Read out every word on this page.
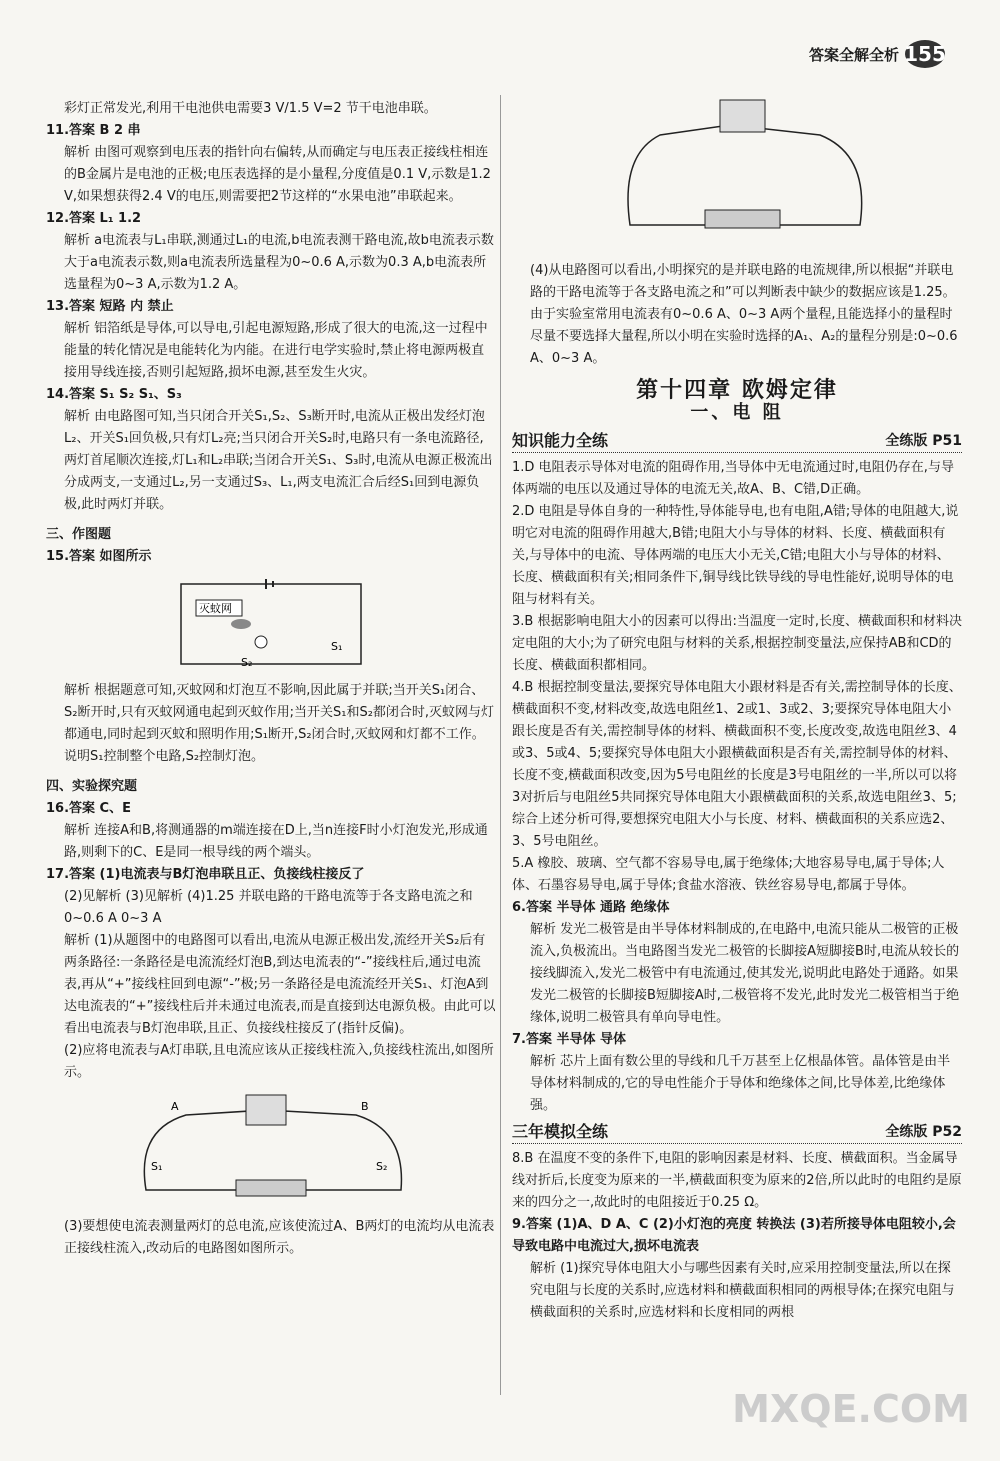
答案全解全析 155

彩灯正常发光,利用干电池供电需要3 V/1.5 V=2 节干电池串联。

11.答案 B 2 串

解析 由图可观察到电压表的指针向右偏转,从而确定与电压表正接线柱相连的B金属片是电池的正极;电压表选择的是小量程,分度值是0.1 V,示数是1.2 V,如果想获得2.4 V的电压,则需要把2节这样的“水果电池”串联起来。

12.答案 L₁ 1.2

解析 a电流表与L₁串联,测通过L₁的电流,b电流表测干路电流,故b电流表示数大于a电流表示数,则a电流表所选量程为0~0.6 A,示数为0.3 A,b电流表所选量程为0~3 A,示数为1.2 A。

13.答案 短路 内 禁止

解析 铝箔纸是导体,可以导电,引起电源短路,形成了很大的电流,这一过程中能量的转化情况是电能转化为内能。在进行电学实验时,禁止将电源两极直接用导线连接,否则引起短路,损坏电源,甚至发生火灾。

14.答案 S₁ S₂ S₁、S₃

解析 由电路图可知,当只闭合开关S₁,S₂、S₃断开时,电流从正极出发经灯泡L₂、开关S₁回负极,只有灯L₂亮;当只闭合开关S₂时,电路只有一条电流路径,两灯首尾顺次连接,灯L₁和L₂串联;当闭合开关S₁、S₃时,电流从电源正极流出分成两支,一支通过L₂,另一支通过S₃、L₁,两支电流汇合后经S₁回到电源负极,此时两灯并联。

三、作图题

15.答案 如图所示

灭蚊网
S₁
S₂

解析 根据题意可知,灭蚊网和灯泡互不影响,因此属于并联;当开关S₁闭合、S₂断开时,只有灭蚊网通电起到灭蚊作用;当开关S₁和S₂都闭合时,灭蚊网与灯都通电,同时起到灭蚊和照明作用;S₁断开,S₂闭合时,灭蚊网和灯都不工作。说明S₁控制整个电路,S₂控制灯泡。

四、实验探究题

16.答案 C、E

解析 连接A和B,将测通器的m端连接在D上,当n连接F时小灯泡发光,形成通路,则剩下的C、E是同一根导线的两个端头。

17.答案 (1)电流表与B灯泡串联且正、负接线柱接反了

(2)见解析 (3)见解析 (4)1.25 并联电路的干路电流等于各支路电流之和 0~0.6 A 0~3 A

解析 (1)从题图中的电路图可以看出,电流从电源正极出发,流经开关S₂后有两条路径:一条路径是电流流经灯泡B,到达电流表的“-”接线柱后,通过电流表,再从“+”接线柱回到电源“-”极;另一条路径是电流流经开关S₁、灯泡A到达电流表的“+”接线柱后并未通过电流表,而是直接到达电源负极。由此可以看出电流表与B灯泡串联,且正、负接线柱接反了(指针反偏)。

(2)应将电流表与A灯串联,且电流应该从正接线柱流入,负接线柱流出,如图所示。

A	B
S₁	S₂

(3)要想使电流表测量两灯的总电流,应该使流过A、B两灯的电流均从电流表正接线柱流入,改动后的电路图如图所示。

(4)从电路图可以看出,小明探究的是并联电路的电流规律,所以根据“并联电路的干路电流等于各支路电流之和”可以判断表中缺少的数据应该是1.25。由于实验室常用电流表有0~0.6 A、0~3 A两个量程,且能选择小的量程时尽量不要选择大量程,所以小明在实验时选择的A₁、A₂的量程分别是:0~0.6 A、0~3 A。

第十四章 欧姆定律
一、电 阻
知识能力全练	全练版 P51

1.D 电阻表示导体对电流的阻碍作用,当导体中无电流通过时,电阻仍存在,与导体两端的电压以及通过导体的电流无关,故A、B、C错,D正确。

2.D 电阻是导体自身的一种特性,导体能导电,也有电阻,A错;导体的电阻越大,说明它对电流的阻碍作用越大,B错;电阻大小与导体的材料、长度、横截面积有关,与导体中的电流、导体两端的电压大小无关,C错;电阻大小与导体的材料、长度、横截面积有关;相同条件下,铜导线比铁导线的导电性能好,说明导体的电阻与材料有关。

3.B 根据影响电阻大小的因素可以得出:当温度一定时,长度、横截面积和材料决定电阻的大小;为了研究电阻与材料的关系,根据控制变量法,应保持AB和CD的长度、横截面积都相同。

4.B 根据控制变量法,要探究导体电阻大小跟材料是否有关,需控制导体的长度、横截面积不变,材料改变,故选电阻丝1、2或1、3或2、3;要探究导体电阻大小跟长度是否有关,需控制导体的材料、横截面积不变,长度改变,故选电阻丝3、4或3、5或4、5;要探究导体电阻大小跟横截面积是否有关,需控制导体的材料、长度不变,横截面积改变,因为5号电阻丝的长度是3号电阻丝的一半,所以可以将3对折后与电阻丝5共同探究导体电阻大小跟横截面积的关系,故选电阻丝3、5;综合上述分析可得,要想探究电阻大小与长度、材料、横截面积的关系应选2、3、5号电阻丝。

5.A 橡胶、玻璃、空气都不容易导电,属于绝缘体;大地容易导电,属于导体;人体、石墨容易导电,属于导体;食盐水溶液、铁丝容易导电,都属于导体。

6.答案 半导体 通路 绝缘体

解析 发光二极管是由半导体材料制成的,在电路中,电流只能从二极管的正极流入,负极流出。当电路图当发光二极管的长脚接A短脚接B时,电流从较长的接线脚流入,发光二极管中有电流通过,使其发光,说明此电路处于通路。如果发光二极管的长脚接B短脚接A时,二极管将不发光,此时发光二极管相当于绝缘体,说明二极管具有单向导电性。

7.答案 半导体 导体

解析 芯片上面有数公里的导线和几千万甚至上亿根晶体管。晶体管是由半导体材料制成的,它的导电性能介于导体和绝缘体之间,比导体差,比绝缘体强。

三年模拟全练	全练版 P52

8.B 在温度不变的条件下,电阻的影响因素是材料、长度、横截面积。当金属导线对折后,长度变为原来的一半,横截面积变为原来的2倍,所以此时的电阻约是原来的四分之一,故此时的电阻接近于0.25 Ω。

9.答案 (1)A、D A、C (2)小灯泡的亮度 转换法 (3)若所接导体电阻较小,会导致电路中电流过大,损坏电流表

解析 (1)探究导体电阻大小与哪些因素有关时,应采用控制变量法,所以在探究电阻与长度的关系时,应选材料和横截面积相同的两根导体;在探究电阻与横截面积的关系时,应选材料和长度相同的两根

MXQE.COM
